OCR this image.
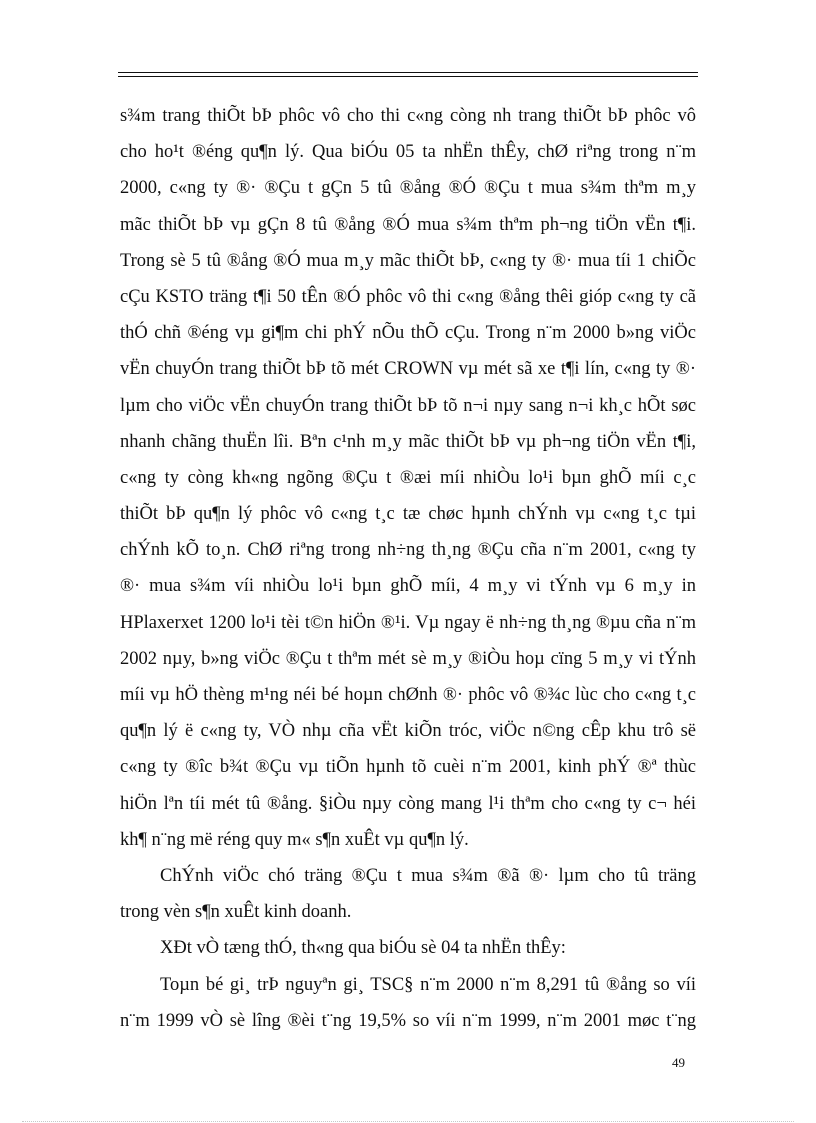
s¾m trang thiÕt bÞ phôc vô cho thi c«ng còng nh trang thiÕt bÞ phôc vô
cho ho¹t ®éng qu¶n lý. Qua biÓu 05 ta nhËn thÊy, chØ riªng trong n¨m
2000, c«ng ty ®· ®Çu t gÇn 5 tû ®ång ®Ó ®Çu t mua s¾m thªm m¸y
mãc thiÕt bÞ vµ gÇn 8 tû ®ång ®Ó mua s¾m thªm ph¬ng tiÖn vËn t¶i.
Trong sè 5 tû ®ång ®Ó mua m¸y mãc thiÕt bÞ, c«ng ty ®· mua tíi 1 chiÕc
cÇu KSTO träng t¶i 50 tÊn ®Ó phôc vô thi c«ng ®ång thêi gióp c«ng ty cã
thÓ chñ ®éng vµ gi¶m chi phÝ nÕu thÕ cÇu. Trong n¨m 2000 b»ng viÖc
vËn chuyÓn trang thiÕt bÞ tõ mét CROWN vµ mét sã xe t¶i lín, c«ng ty ®·
lµm cho viÖc vËn chuyÓn trang thiÕt bÞ tõ n¬i nµy sang n¬i kh¸c hÕt søc
nhanh chãng thuËn lîi. Bªn c¹nh m¸y mãc thiÕt bÞ vµ ph¬ng tiÖn vËn t¶i,
c«ng ty còng kh«ng ngõng ®Çu t ®æi míi nhiÒu lo¹i bµn ghÕ míi c¸c
thiÕt bÞ qu¶n lý phôc vô c«ng t¸c tæ chøc hµnh chÝnh vµ c«ng t¸c tµi
chÝnh kÕ to¸n. ChØ riªng trong nh÷ng th¸ng ®Çu cña n¨m 2001, c«ng ty
®· mua s¾m víi nhiÒu lo¹i bµn ghÕ míi, 4 m¸y vi tÝnh vµ 6 m¸y in
HPlaxerxet 1200 lo¹i tèi t©n hiÖn ®¹i. Vµ ngay ë nh÷ng th¸ng ®µu cña n¨m
2002 nµy, b»ng viÖc ®Çu t thªm mét sè m¸y ®iÒu hoµ cïng 5 m¸y vi tÝnh
míi vµ hÖ thèng m¹ng néi bé hoµn chØnh ®· phôc vô ®¾c lùc cho c«ng t¸c
qu¶n lý ë c«ng ty, VÒ nhµ cña vËt kiÕn tróc, viÖc n©ng cÊp khu trô së
c«ng ty ®îc b¾t ®Çu vµ tiÕn hµnh tõ cuèi n¨m 2001, kinh phÝ ®ª thùc
hiÖn lªn tíi mét tû ®ång. §iÒu nµy còng mang l¹i thªm cho c«ng ty c¬ héi
kh¶ n¨ng më réng quy m« s¶n xuÊt vµ qu¶n lý.
ChÝnh viÖc chó träng ®Çu t mua s¾m ®ã ®· lµm cho tû träng
trong vèn s¶n xuÊt kinh doanh.
XÐt vÒ tæng thÓ, th«ng qua biÓu sè 04 ta nhËn thÊy:
Toµn bé gi¸ trÞ nguyªn gi¸ TSC§ n¨m 2000 n¨m 8,291 tû ®ång so víi
n¨m 1999 vÒ sè lîng ®èi t¨ng 19,5% so víi n¨m 1999, n¨m 2001 møc t¨ng
49
